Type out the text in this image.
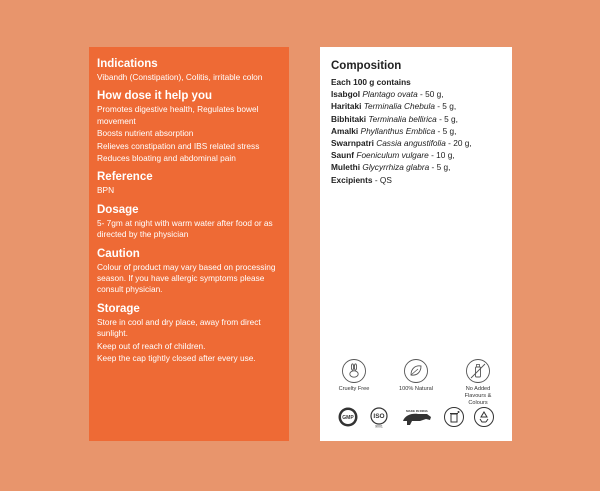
Indications

Vibandh (Constipation), Colitis, irritable colon

How dose it help you

Promotes digestive health, Regulates bowel movement

Boosts nutrient absorption

Relieves constipation and IBS related stress

Reduces bloating and abdominal pain

Reference

BPN

Dosage

5- 7gm at night with warm water after food or as directed by the physician

Caution

Colour of product may vary based on processing season. If you have allergic symptoms please consult physician.

Storage

Store in cool and dry place, away from direct sunlight.

Keep out of reach of children.

Keep the cap tightly closed after every use.

Composition

Each 100 g contains

Isabgol Plantago ovata - 50 g,

Haritaki Terminalia Chebula - 5 g,

Bibhitaki Terminalia bellirica - 5 g,

Amalki Phyllanthus Emblica - 5 g,

Swarnpatri Cassia angustifolia - 20 g,

Saunf Foeniculum vulgare - 10 g,

Mulethi Glycyrrhiza glabra - 5 g,

Excipients - QS

Cruelty Free	100% Natural	No Added Flavours & Colours
GMP	ISO
9001
MAKE IN INDIA
